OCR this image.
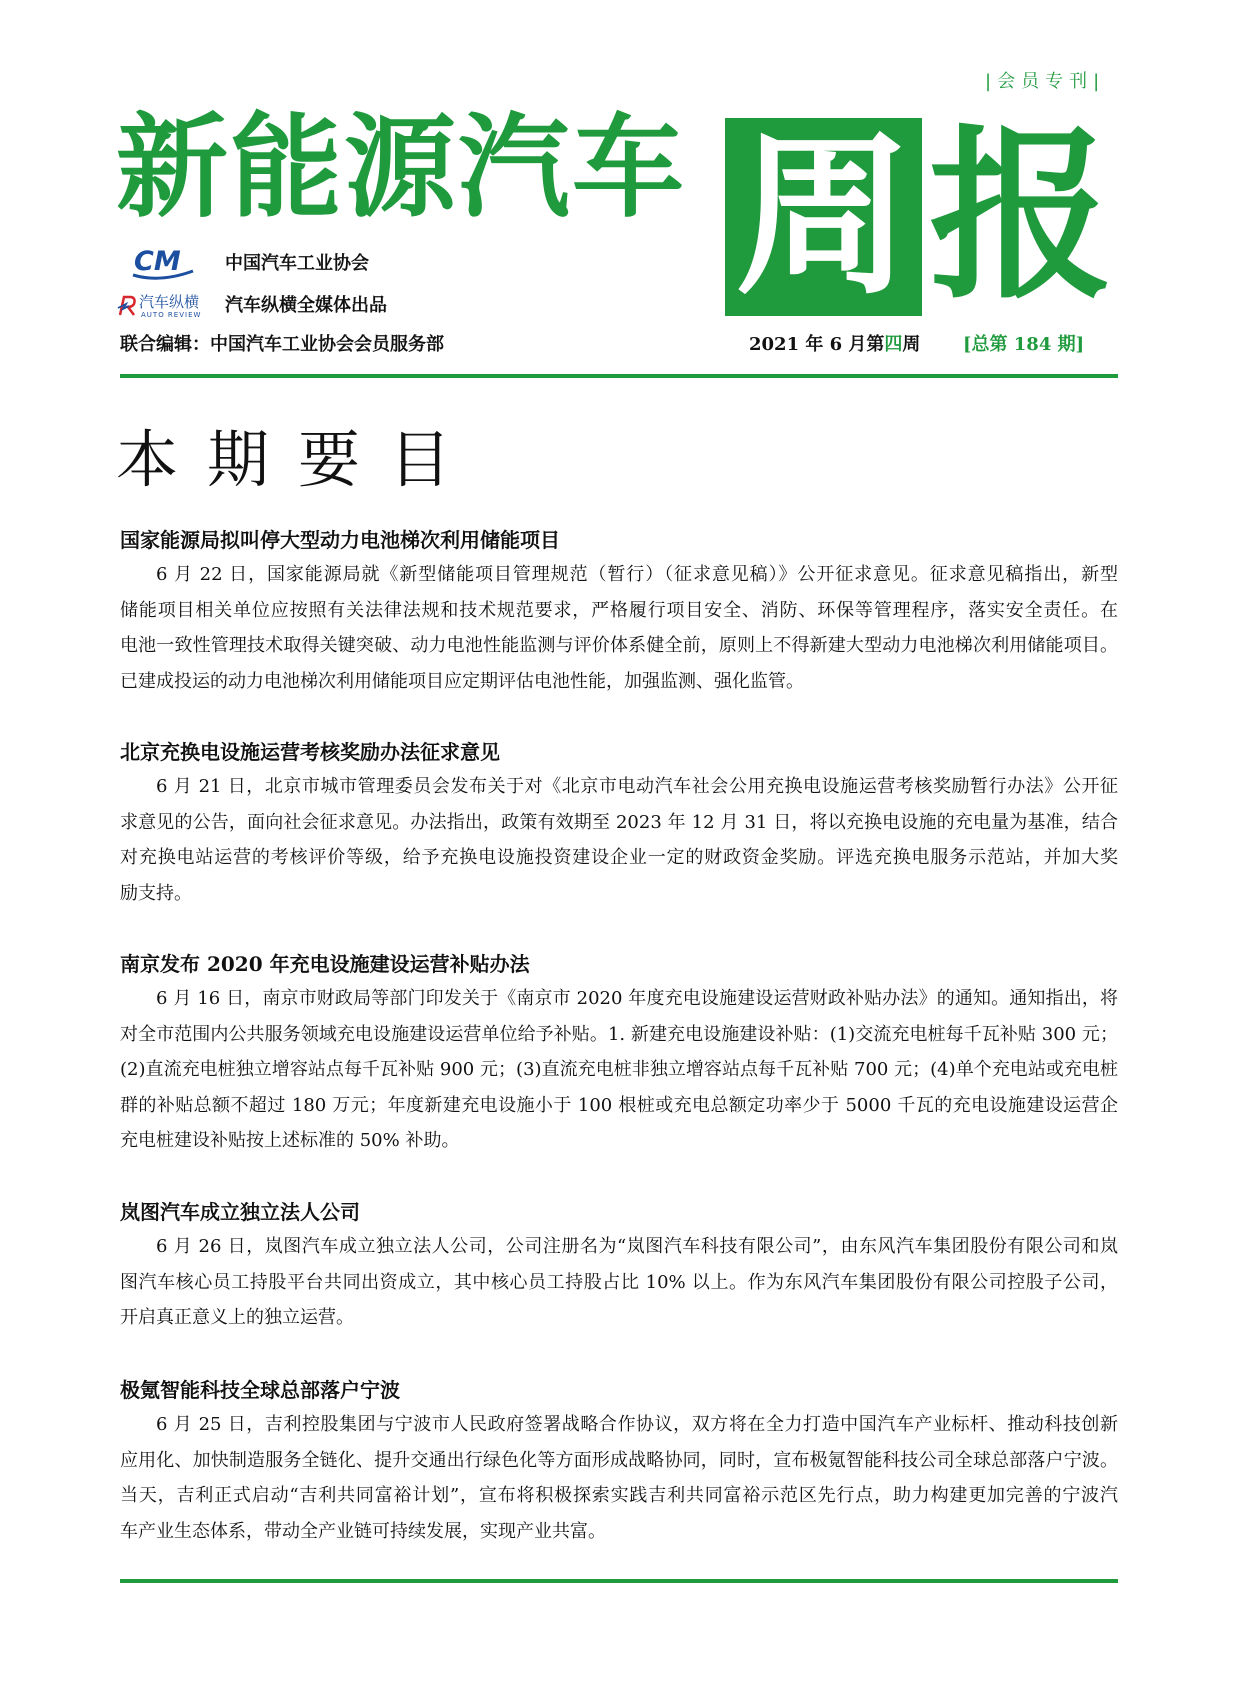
|会员专刊|
新能源汽车 周 报
CM 中国汽车工业协会
汽车纵横
AUTO REVIEW 汽车纵横全媒体出品
联合编辑：中国汽车工业协会会员服务部	2021 年 6 月第四周 [总第 184 期]
本期要目
国家能源局拟叫停大型动力电池梯次利用储能项目
6 月 22 日，国家能源局就《新型储能项目管理规范（暂行）（征求意见稿）》公开征求意见。征求意见稿指出，新型
储能项目相关单位应按照有关法律法规和技术规范要求，严格履行项目安全、消防、环保等管理程序，落实安全责任。在
电池一致性管理技术取得关键突破、动力电池性能监测与评价体系健全前，原则上不得新建大型动力电池梯次利用储能项目。
已建成投运的动力电池梯次利用储能项目应定期评估电池性能，加强监测、强化监管。
北京充换电设施运营考核奖励办法征求意见
6 月 21 日，北京市城市管理委员会发布关于对《北京市电动汽车社会公用充换电设施运营考核奖励暂行办法》公开征
求意见的公告，面向社会征求意见。办法指出，政策有效期至 2023 年 12 月 31 日，将以充换电设施的充电量为基准，结合
对充换电站运营的考核评价等级，给予充换电设施投资建设企业一定的财政资金奖励。评选充换电服务示范站，并加大奖
励支持。
南京发布 2020 年充电设施建设运营补贴办法
6 月 16 日，南京市财政局等部门印发关于《南京市 2020 年度充电设施建设运营财政补贴办法》的通知。通知指出，将
对全市范围内公共服务领域充电设施建设运营单位给予补贴。1. 新建充电设施建设补贴：(1)交流充电桩每千瓦补贴 300 元；
(2)直流充电桩独立增容站点每千瓦补贴 900 元；(3)直流充电桩非独立增容站点每千瓦补贴 700 元；(4)单个充电站或充电桩
群的补贴总额不超过 180 万元；年度新建充电设施小于 100 根桩或充电总额定功率少于 5000 千瓦的充电设施建设运营企
充电桩建设补贴按上述标准的 50% 补助。
岚图汽车成立独立法人公司
6 月 26 日，岚图汽车成立独立法人公司，公司注册名为“岚图汽车科技有限公司”，由东风汽车集团股份有限公司和岚
图汽车核心员工持股平台共同出资成立，其中核心员工持股占比 10% 以上。作为东风汽车集团股份有限公司控股子公司，
开启真正意义上的独立运营。
极氪智能科技全球总部落户宁波
6 月 25 日，吉利控股集团与宁波市人民政府签署战略合作协议，双方将在全力打造中国汽车产业标杆、推动科技创新
应用化、加快制造服务全链化、提升交通出行绿色化等方面形成战略协同，同时，宣布极氪智能科技公司全球总部落户宁波。
当天，吉利正式启动“吉利共同富裕计划”，宣布将积极探索实践吉利共同富裕示范区先行点，助力构建更加完善的宁波汽
车产业生态体系，带动全产业链可持续发展，实现产业共富。
